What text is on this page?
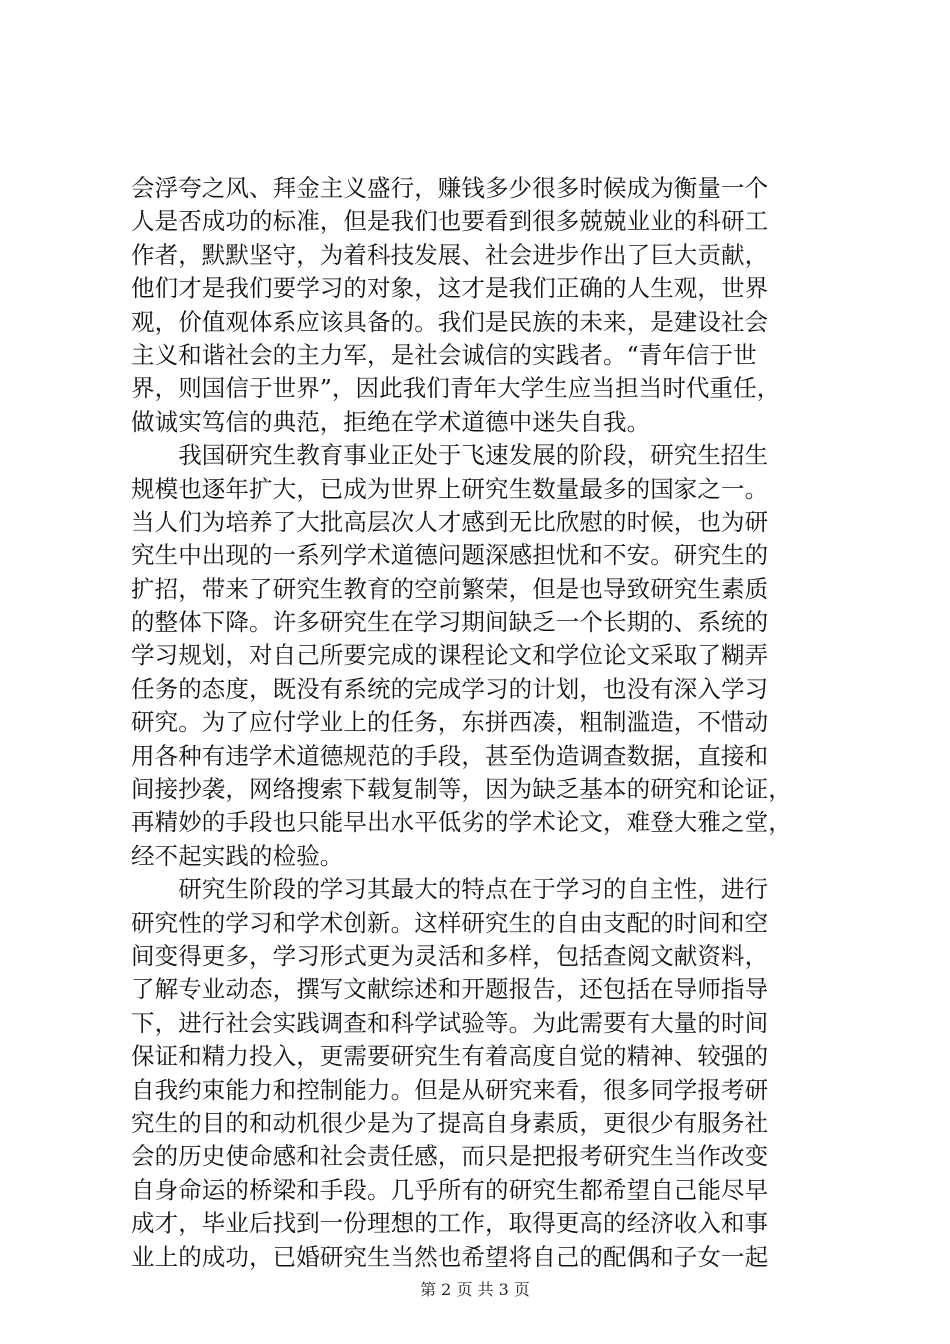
会浮夸之风、拜金主义盛行，赚钱多少很多时候成为衡量一个
人是否成功的标准，但是我们也要看到很多兢兢业业的科研工
作者，默默坚守，为着科技发展、社会进步作出了巨大贡献，
他们才是我们要学习的对象，这才是我们正确的人生观，世界
观，价值观体系应该具备的。我们是民族的未来，是建设社会
主义和谐社会的主力军，是社会诚信的实践者。“青年信于世
界，则国信于世界”，因此我们青年大学生应当担当时代重任，
做诚实笃信的典范，拒绝在学术道德中迷失自我。
　　我国研究生教育事业正处于飞速发展的阶段，研究生招生
规模也逐年扩大，已成为世界上研究生数量最多的国家之一。
当人们为培养了大批高层次人才感到无比欣慰的时候，也为研
究生中出现的一系列学术道德问题深感担忧和不安。研究生的
扩招，带来了研究生教育的空前繁荣，但是也导致研究生素质
的整体下降。许多研究生在学习期间缺乏一个长期的、系统的
学习规划，对自己所要完成的课程论文和学位论文采取了糊弄
任务的态度，既没有系统的完成学习的计划，也没有深入学习
研究。为了应付学业上的任务，东拼西凑，粗制滥造，不惜动
用各种有违学术道德规范的手段，甚至伪造调查数据，直接和
间接抄袭，网络搜索下载复制等，因为缺乏基本的研究和论证，
再精妙的手段也只能早出水平低劣的学术论文，难登大雅之堂，
经不起实践的检验。
　　研究生阶段的学习其最大的特点在于学习的自主性，进行
研究性的学习和学术创新。这样研究生的自由支配的时间和空
间变得更多，学习形式更为灵活和多样，包括查阅文献资料，
了解专业动态，撰写文献综述和开题报告，还包括在导师指导
下，进行社会实践调查和科学试验等。为此需要有大量的时间
保证和精力投入，更需要研究生有着高度自觉的精神、较强的
自我约束能力和控制能力。但是从研究来看，很多同学报考研
究生的目的和动机很少是为了提高自身素质，更很少有服务社
会的历史使命感和社会责任感，而只是把报考研究生当作改变
自身命运的桥梁和手段。几乎所有的研究生都希望自己能尽早
成才，毕业后找到一份理想的工作，取得更高的经济收入和事
业上的成功，已婚研究生当然也希望将自己的配偶和子女一起
第 2 页 共 3 页
